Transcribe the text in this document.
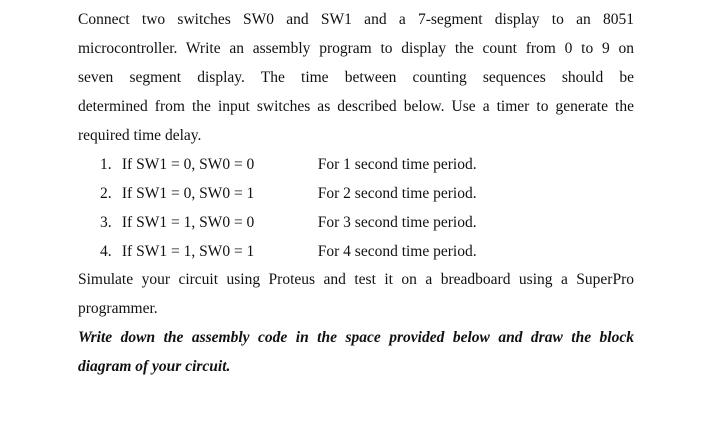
Connect two switches SW0 and SW1 and a 7-segment display to an 8051
microcontroller. Write an assembly program to display the count from 0 to 9 on
seven segment display. The time between counting sequences should be
determined from the input switches as described below. Use a timer to generate the
required time delay.
1. If SW1 = 0, SW0 = 0	For 1 second time period.
2. If SW1 = 0, SW0 = 1	For 2 second time period.
3. If SW1 = 1, SW0 = 0	For 3 second time period.
4. If SW1 = 1, SW0 = 1	For 4 second time period.
Simulate your circuit using Proteus and test it on a breadboard using a SuperPro
programmer.
Write down the assembly code in the space provided below and draw the block
diagram of your circuit.
